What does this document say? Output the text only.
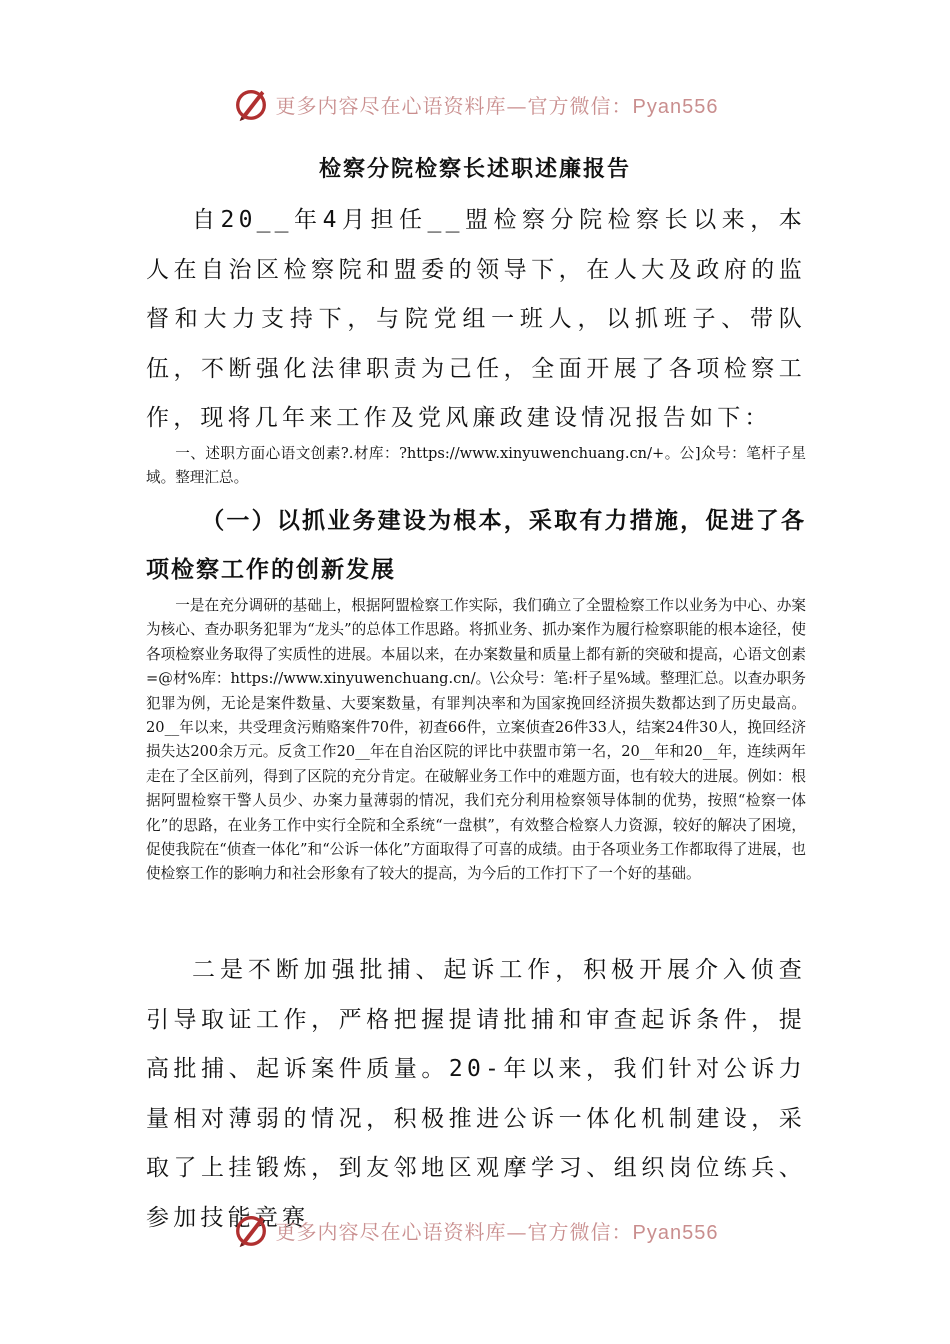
更多内容尽在心语资料库—官方微信：Pyan556
检察分院检察长述职述廉报告

自20__年4月担任__盟检察分院检察长以来，本人在自治区检察院和盟委的领导下，在人大及政府的监督和大力支持下，与院党组一班人，以抓班子、带队伍，不断强化法律职责为己任，全面开展了各项检察工作，现将几年来工作及党风廉政建设情况报告如下：

一、述职方面心语文创素?.材库：?https://www.xinyuwenchuang.cn/+。公]众号：笔杆子星域。整理汇总。

（一）以抓业务建设为根本，采取有力措施，促进了各项检察工作的创新发展

一是在充分调研的基础上，根据阿盟检察工作实际，我们确立了全盟检察工作以业务为中心、办案为核心、查办职务犯罪为“龙头”的总体工作思路。将抓业务、抓办案作为履行检察职能的根本途径，使各项检察业务取得了实质性的进展。本届以来，在办案数量和质量上都有新的突破和提高，心语文创素=@材%库：https://www.xinyuwenchuang.cn/。\公众号：笔:杆子星%域。整理汇总。以查办职务犯罪为例，无论是案件数量、大要案数量，有罪判决率和为国家挽回经济损失数都达到了历史最高。20__年以来，共受理贪污贿赂案件70件，初查66件，立案侦查26件33人，结案24件30人，挽回经济损失达200余万元。反贪工作20__年在自治区院的评比中获盟市第一名，20__年和20__年，连续两年走在了全区前列，得到了区院的充分肯定。在破解业务工作中的难题方面，也有较大的进展。例如：根据阿盟检察干警人员少、办案力量薄弱的情况，我们充分利用检察领导体制的优势，按照“检察一体化”的思路，在业务工作中实行全院和全系统“一盘棋”，有效整合检察人力资源，较好的解决了困境，促使我院在“侦查一体化”和“公诉一体化”方面取得了可喜的成绩。由于各项业务工作都取得了进展，也使检察工作的影响力和社会形象有了较大的提高，为今后的工作打下了一个好的基础。

二是不断加强批捕、起诉工作，积极开展介入侦查引导取证工作，严格把握提请批捕和审查起诉条件，提高批捕、起诉案件质量。20-年以来，我们针对公诉力量相对薄弱的情况，积极推进公诉一体化机制建设，采取了上挂锻炼，到友邻地区观摩学习、组织岗位练兵、参加技能竞赛

更多内容尽在心语资料库—官方微信：Pyan556
